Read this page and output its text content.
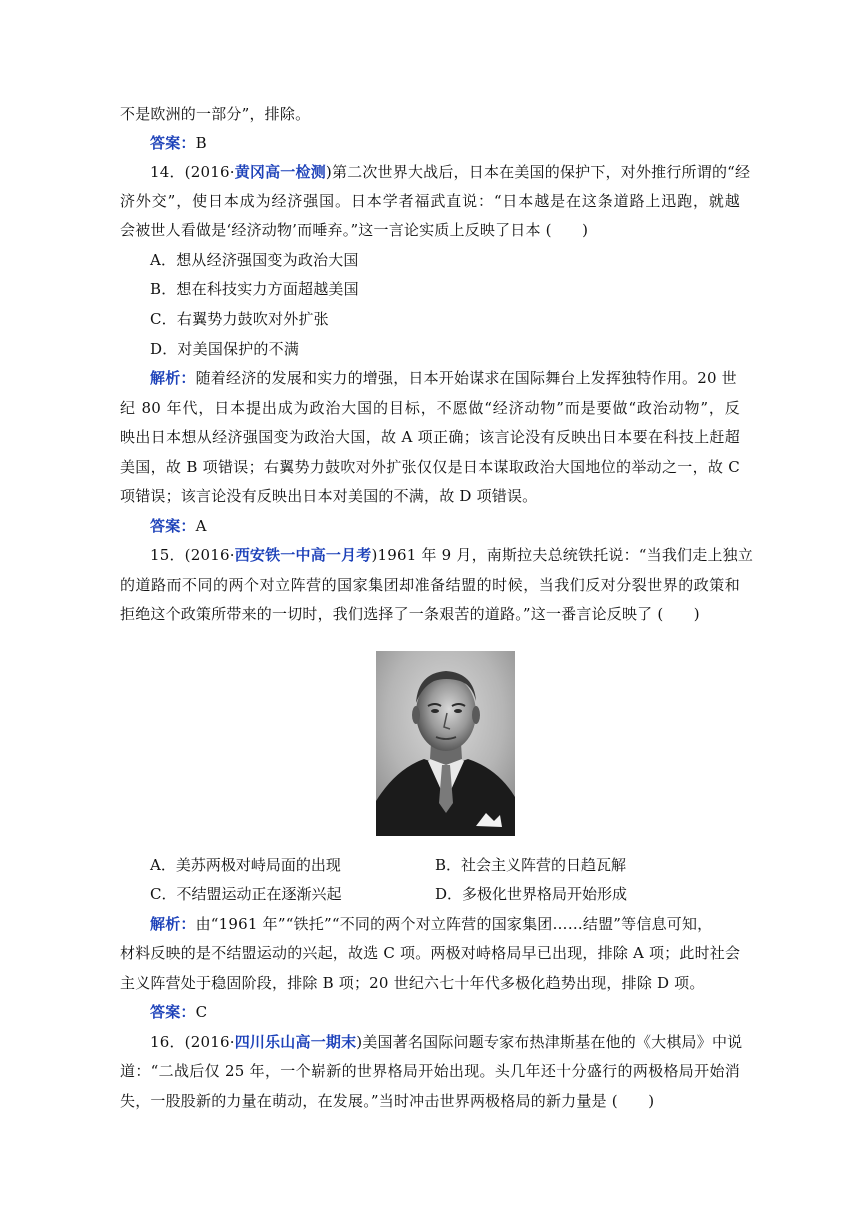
不是欧洲的一部分”，排除。
答案：B
14．(2016·黄冈高一检测)第二次世界大战后，日本在美国的保护下，对外推行所谓的“经
济外交”，使日本成为经济强国。日本学者福武直说：“日本越是在这条道路上迅跑，就越
会被世人看做是‘经济动物’而唾弃。”这一言论实质上反映了日本 (　　)
A．想从经济强国变为政治大国
B．想在科技实力方面超越美国
C．右翼势力鼓吹对外扩张
D．对美国保护的不满
解析：随着经济的发展和实力的增强，日本开始谋求在国际舞台上发挥独特作用。20 世
纪 80 年代，日本提出成为政治大国的目标，不愿做“经济动物”而是要做“政治动物”，反
映出日本想从经济强国变为政治大国，故 A 项正确；该言论没有反映出日本要在科技上赶超
美国，故 B 项错误；右翼势力鼓吹对外扩张仅仅是日本谋取政治大国地位的举动之一，故 C
项错误；该言论没有反映出日本对美国的不满，故 D 项错误。
答案：A
15．(2016·西安铁一中高一月考)1961 年 9 月，南斯拉夫总统铁托说：“当我们走上独立
的道路而不同的两个对立阵营的国家集团却准备结盟的时候，当我们反对分裂世界的政策和
拒绝这个政策所带来的一切时，我们选择了一条艰苦的道路。”这一番言论反映了 (　　)
A．美苏两极对峙局面的出现	B．社会主义阵营的日趋瓦解
C．不结盟运动正在逐渐兴起	D．多极化世界格局开始形成
解析：由“1961 年”“铁托”“不同的两个对立阵营的国家集团……结盟”等信息可知，
材料反映的是不结盟运动的兴起，故选 C 项。两极对峙格局早已出现，排除 A 项；此时社会
主义阵营处于稳固阶段，排除 B 项；20 世纪六七十年代多极化趋势出现，排除 D 项。
答案：C
16．(2016·四川乐山高一期末)美国著名国际问题专家布热津斯基在他的《大棋局》中说
道：“二战后仅 25 年，一个崭新的世界格局开始出现。头几年还十分盛行的两极格局开始消
失，一股股新的力量在萌动，在发展。”当时冲击世界两极格局的新力量是 (　　)
